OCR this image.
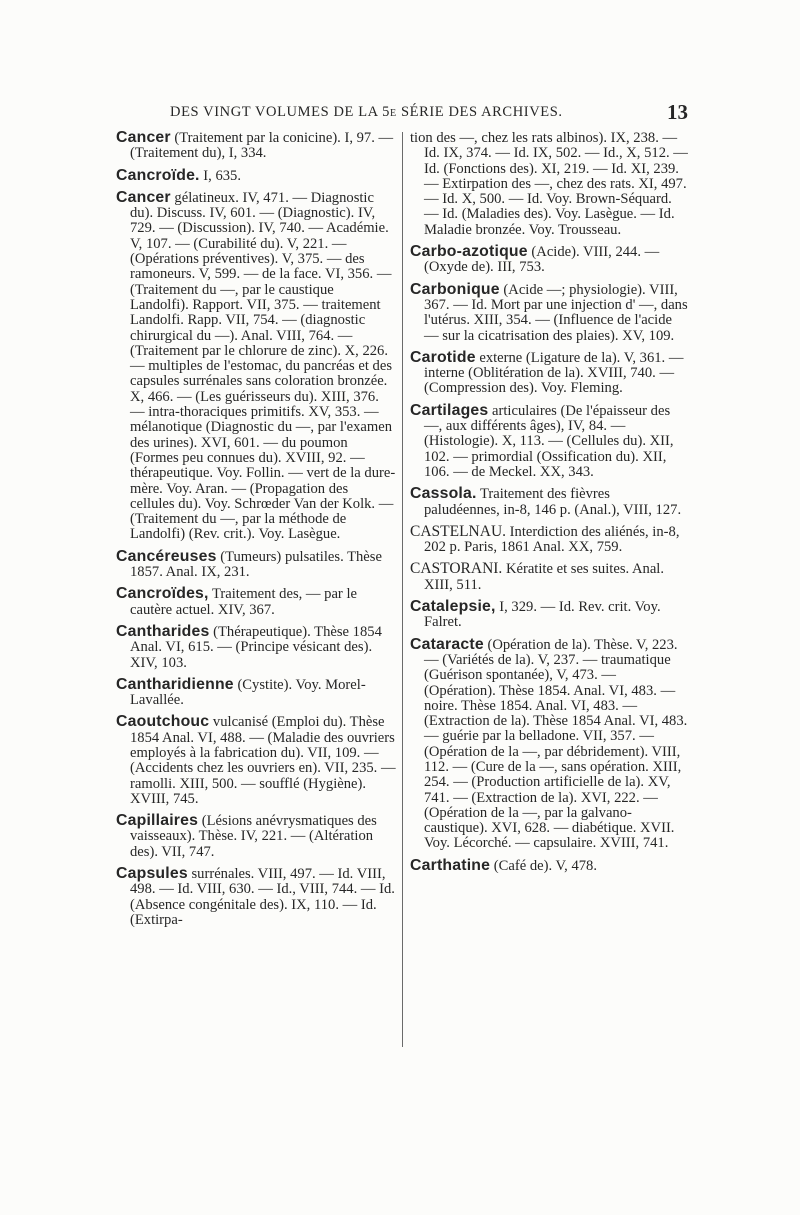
DES VINGT VOLUMES DE LA 5e SÉRIE DES ARCHIVES.	13

Cancer (Traitement par la conicine). I, 97. — (Traitement du), I, 334.

Cancroïde. I, 635.

Cancer gélatineux. IV, 471. — Diagnostic du). Discuss. IV, 601. — (Diagnostic). IV, 729. — (Discussion). IV, 740. — Académie. V, 107. — (Curabilité du). V, 221. — (Opérations préventives). V, 375. — des ramoneurs. V, 599. — de la face. VI, 356. — (Traitement du —, par le caustique Landolfi). Rapport. VII, 375. — traitement Landolfi. Rapp. VII, 754. — (diagnostic chirurgical du —). Anal. VIII, 764. — (Traitement par le chlorure de zinc). X, 226. — multiples de l'estomac, du pancréas et des capsules surrénales sans coloration bronzée. X, 466. — (Les guérisseurs du). XIII, 376. — intra-thoraciques primitifs. XV, 353. — mélanotique (Diagnostic du —, par l'examen des urines). XVI, 601. — du poumon (Formes peu connues du). XVIII, 92. — thérapeutique. Voy. Follin. — vert de la dure-mère. Voy. Aran. — (Propagation des cellules du). Voy. Schrœder Van der Kolk. — (Traitement du —, par la méthode de Landolfi) (Rev. crit.). Voy. Lasègue.

Cancéreuses (Tumeurs) pulsatiles. Thèse 1857. Anal. IX, 231.

Cancroïdes, Traitement des, — par le cautère actuel. XIV, 367.

Cantharides (Thérapeutique). Thèse 1854 Anal. VI, 615. — (Principe vésicant des). XIV, 103.

Cantharidienne (Cystite). Voy. Morel-Lavallée.

Caoutchouc vulcanisé (Emploi du). Thèse 1854 Anal. VI, 488. — (Maladie des ouvriers employés à la fabrication du). VII, 109. — (Accidents chez les ouvriers en). VII, 235. — ramolli. XIII, 500. — soufflé (Hygiène). XVIII, 745.

Capillaires (Lésions anévrysmatiques des vaisseaux). Thèse. IV, 221. — (Altération des). VII, 747.

Capsules surrénales. VIII, 497. — Id. VIII, 498. — Id. VIII, 630. — Id., VIII, 744. — Id. (Absence congénitale des). IX, 110. — Id. (Extirpa-

tion des —, chez les rats albinos). IX, 238. — Id. IX, 374. — Id. IX, 502. — Id., X, 512. — Id. (Fonctions des). XI, 219. — Id. XI, 239. — Extirpation des —, chez des rats. XI, 497. — Id. X, 500. — Id. Voy. Brown-Séquard. — Id. (Maladies des). Voy. Lasègue. — Id. Maladie bronzée. Voy. Trousseau.

Carbo-azotique (Acide). VIII, 244. — (Oxyde de). III, 753.

Carbonique (Acide —; physiologie). VIII, 367. — Id. Mort par une injection d' —, dans l'utérus. XIII, 354. — (Influence de l'acide — sur la cicatrisation des plaies). XV, 109.

Carotide externe (Ligature de la). V, 361. — interne (Oblitération de la). XVIII, 740. — (Compression des). Voy. Fleming.

Cartilages articulaires (De l'épaisseur des —, aux différents âges), IV, 84. — (Histologie). X, 113. — (Cellules du). XII, 102. — primordial (Ossification du). XII, 106. — de Meckel. XX, 343.

Cassola. Traitement des fièvres paludéennes, in-8, 146 p. (Anal.), VIII, 127.

CASTELNAU. Interdiction des aliénés, in-8, 202 p. Paris, 1861 Anal. XX, 759.

CASTORANI. Kératite et ses suites. Anal. XIII, 511.

Catalepsie, I, 329. — Id. Rev. crit. Voy. Falret.

Cataracte (Opération de la). Thèse. V, 223. — (Variétés de la). V, 237. — traumatique (Guérison spontanée), V, 473. — (Opération). Thèse 1854. Anal. VI, 483. — noire. Thèse 1854. Anal. VI, 483. — (Extraction de la). Thèse 1854 Anal. VI, 483. — guérie par la belladone. VII, 357. — (Opération de la —, par débridement). VIII, 112. — (Cure de la —, sans opération. XIII, 254. — (Production artificielle de la). XV, 741. — (Extraction de la). XVI, 222. — (Opération de la —, par la galvano-caustique). XVI, 628. — diabétique. XVII. Voy. Lécorché. — capsulaire. XVIII, 741.

Carthatine (Café de). V, 478.
